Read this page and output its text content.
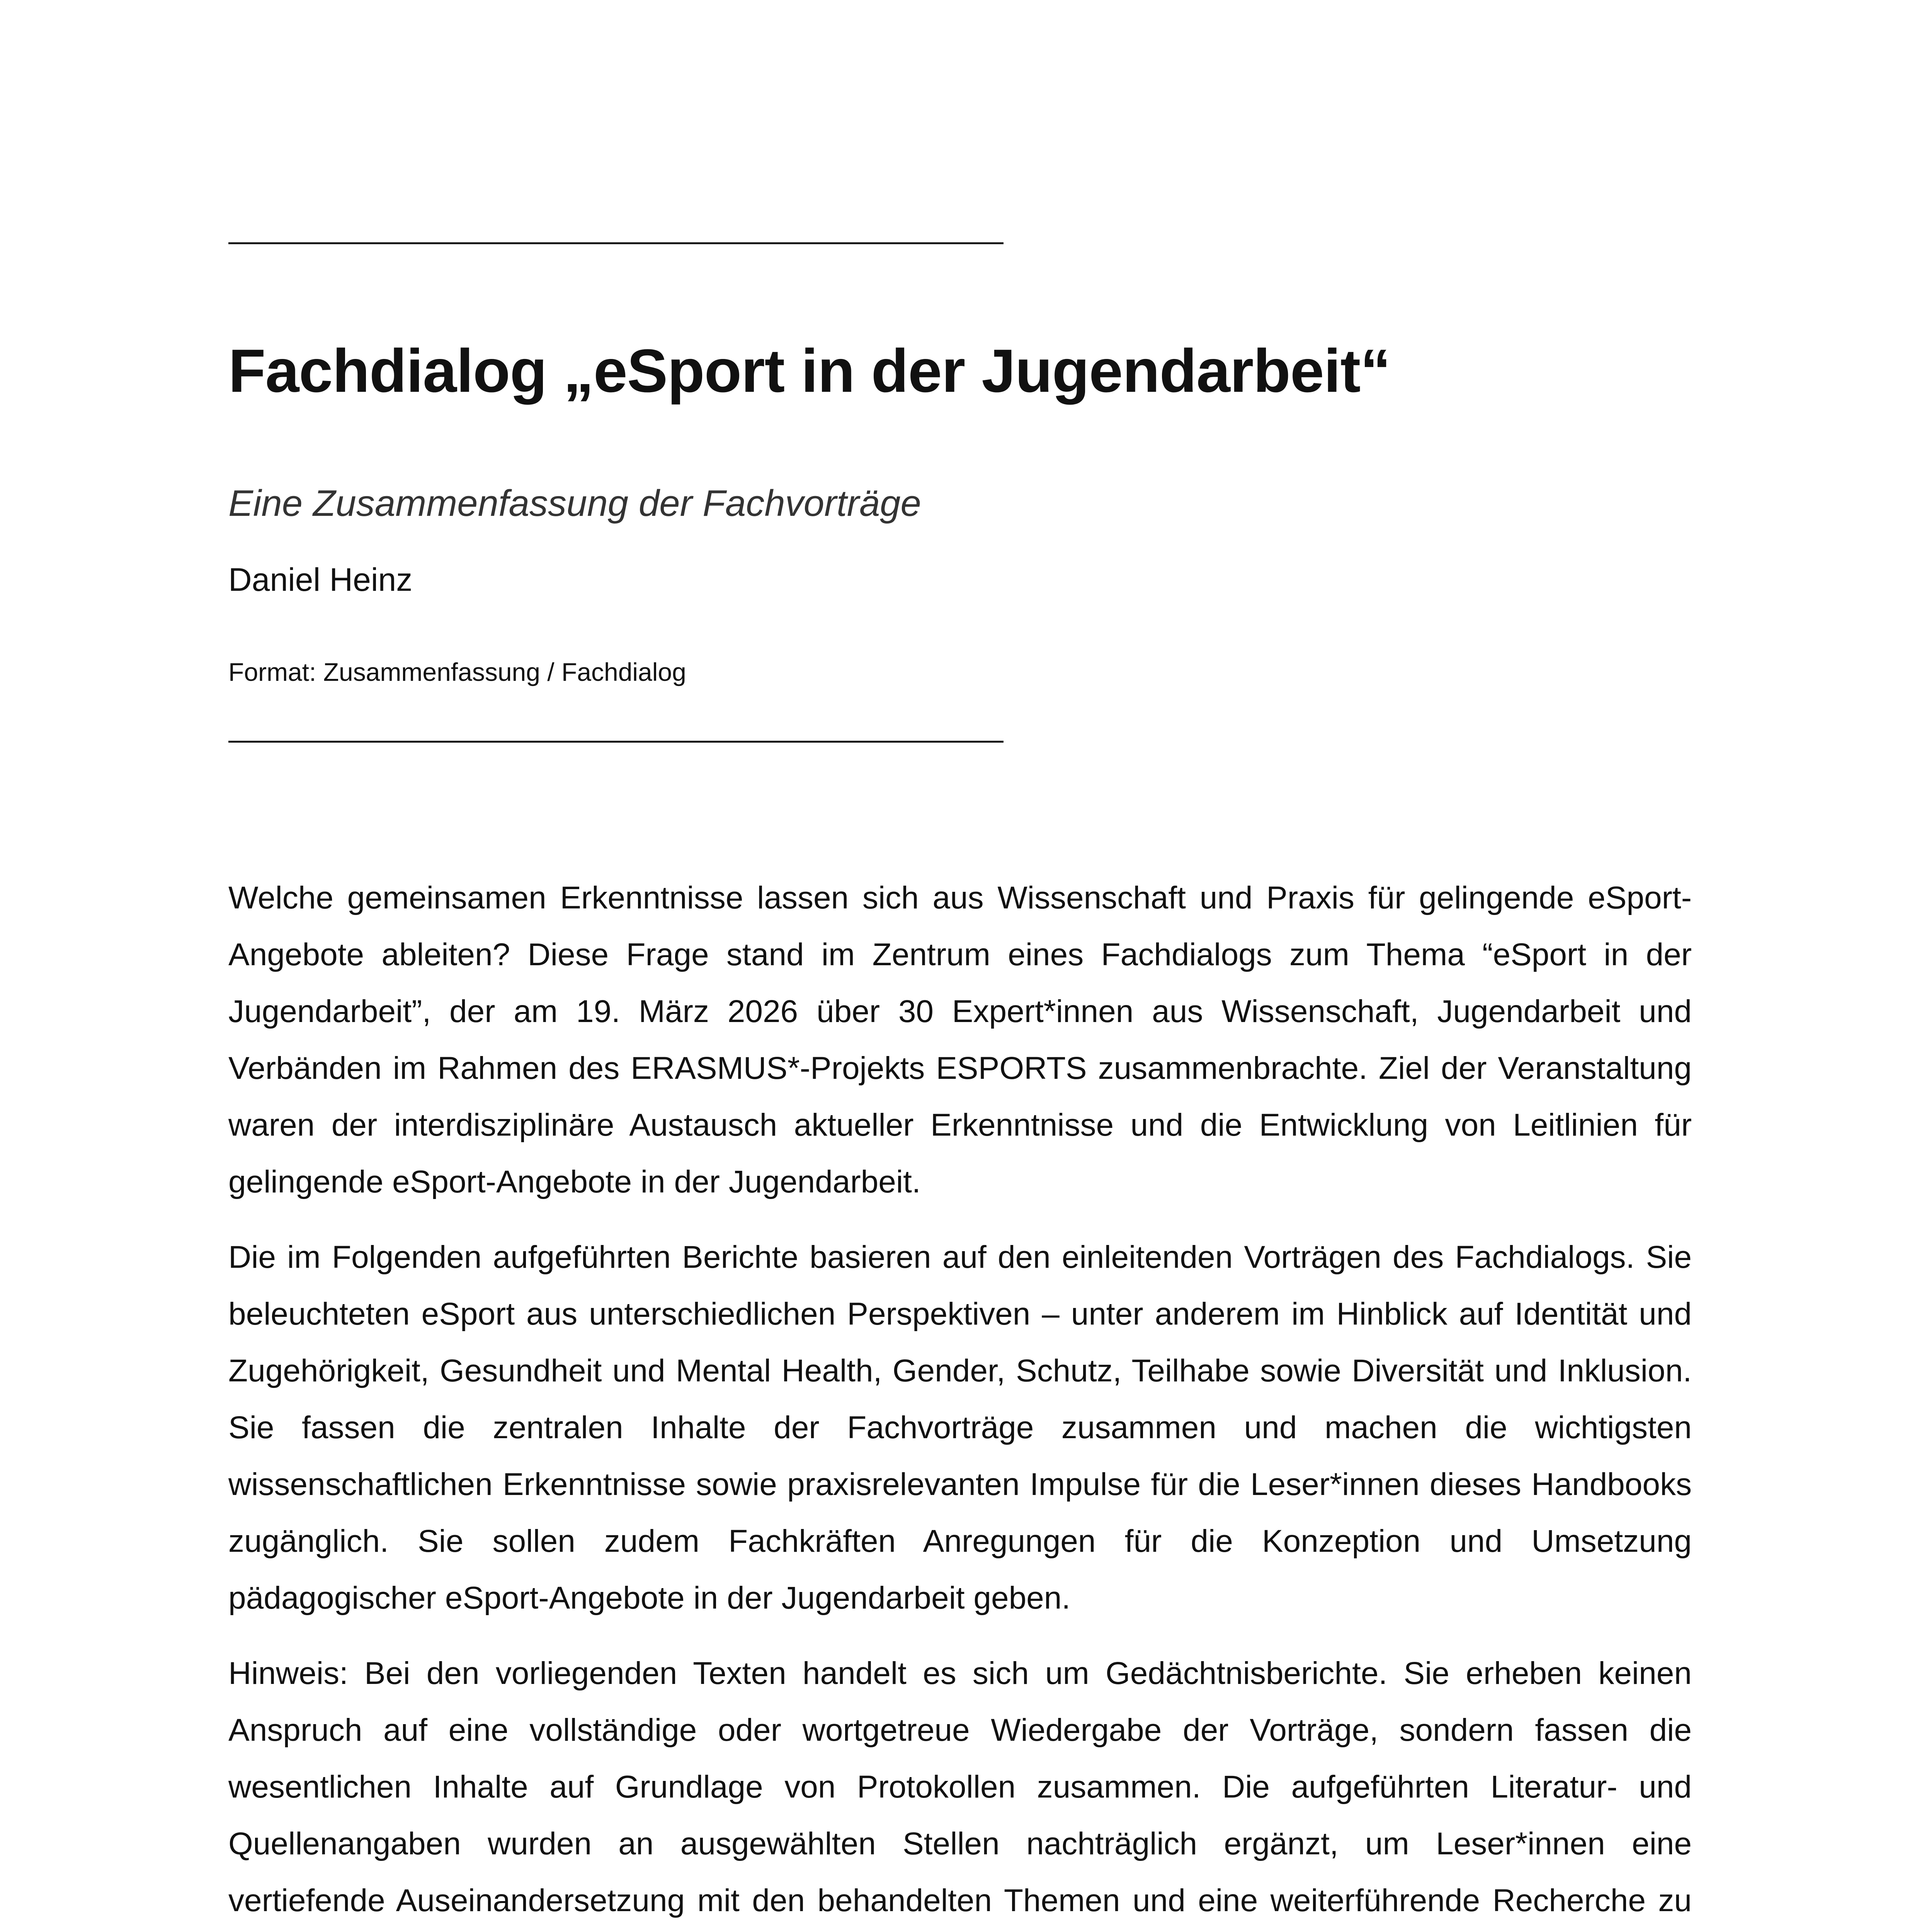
Fachdialog „eSport in der Jugendarbeit“

Eine Zusammenfassung der Fachvorträge

Daniel Heinz

Format: Zusammenfassung / Fachdialog

Welche gemeinsamen Erkenntnisse lassen sich aus Wissenschaft und Praxis für gelingende eSport-Angebote ableiten? Diese Frage stand im Zentrum eines Fachdialogs zum Thema “eSport in der Jugendarbeit”, der am 19. März 2026 über 30 Expert*innen aus Wissenschaft, Jugendarbeit und Verbänden im Rahmen des ERASMUS*-Projekts ESPORTS zusammenbrachte. Ziel der Veranstaltung waren der interdisziplinäre Austausch aktueller Erkenntnisse und die Entwicklung von Leitlinien für gelingende eSport-Angebote in der Jugendarbeit.

Die im Folgenden aufgeführten Berichte basieren auf den einleitenden Vorträgen des Fachdialogs. Sie beleuchteten eSport aus unterschiedlichen Perspektiven – unter anderem im Hinblick auf Identität und Zugehörigkeit, Gesundheit und Mental Health, Gender, Schutz, Teilhabe sowie Diversität und Inklusion. Sie fassen die zentralen Inhalte der Fachvorträge zusammen und machen die wichtigsten wissenschaftlichen Erkenntnisse sowie praxisrelevanten Impulse für die Leser*innen dieses Handbooks zugänglich. Sie sollen zudem Fachkräften Anregungen für die Konzeption und Umsetzung pädagogischer eSport-Angebote in der Jugendarbeit geben.

Hinweis: Bei den vorliegenden Texten handelt es sich um Gedächtnisberichte. Sie erheben keinen Anspruch auf eine vollständige oder wortgetreue Wiedergabe der Vorträge, sondern fassen die wesentlichen Inhalte auf Grundlage von Protokollen zusammen. Die aufgeführten Literatur- und Quellenangaben wurden an ausgewählten Stellen nachträglich ergänzt, um Leser*innen eine vertiefende Auseinandersetzung mit den behandelten Themen und eine weiterführende Recherche zu
